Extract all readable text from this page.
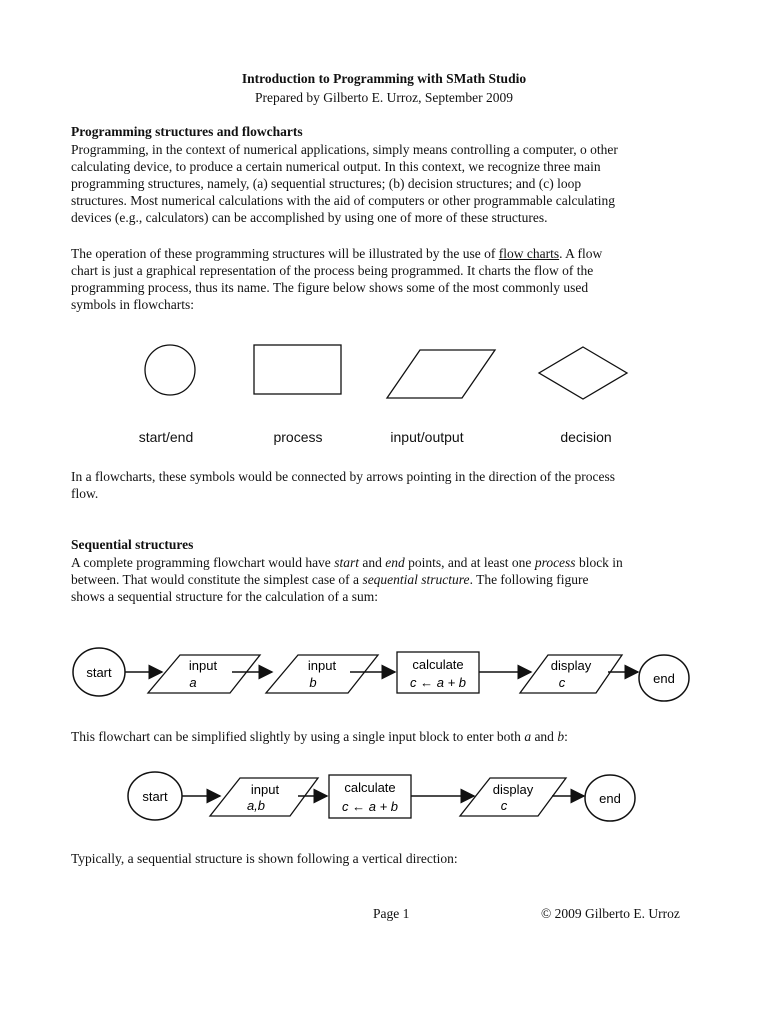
Introduction to Programming with SMath Studio
Prepared by Gilberto E. Urroz, September 2009
Programming structures and flowcharts
Programming, in the context of numerical applications, simply means controlling a computer, o other
calculating device, to produce a certain numerical output. In this context, we recognize three main
programming structures, namely, (a) sequential structures; (b) decision structures; and (c) loop
structures. Most numerical calculations with the aid of computers or other programmable calculating
devices (e.g., calculators) can be accomplished by using one of more of these structures.
The operation of these programming structures will be illustrated by the use of flow charts. A flow
chart is just a graphical representation of the process being programmed. It charts the flow of the
programming process, thus its name. The figure below shows some of the most commonly used
symbols in flowcharts:
start/end	process	input/output	decision
In a flowcharts, these symbols would be connected by arrows pointing in the direction of the process
flow.
Sequential structures
A complete programming flowchart would have start and end points, and at least one process block in
between. That would constitute the simplest case of a sequential structure. The following figure
shows a sequential structure for the calculation of a sum:
start	input
a
input
b
calculate
c ← a + b
display
c	end
This flowchart can be simplified slightly by using a single input block to enter both a and b:
start	input
a,b
calculate
c ← a + b
display
c	end
Typically, a sequential structure is shown following a vertical direction:
Page 1	© 2009 Gilberto E. Urroz
